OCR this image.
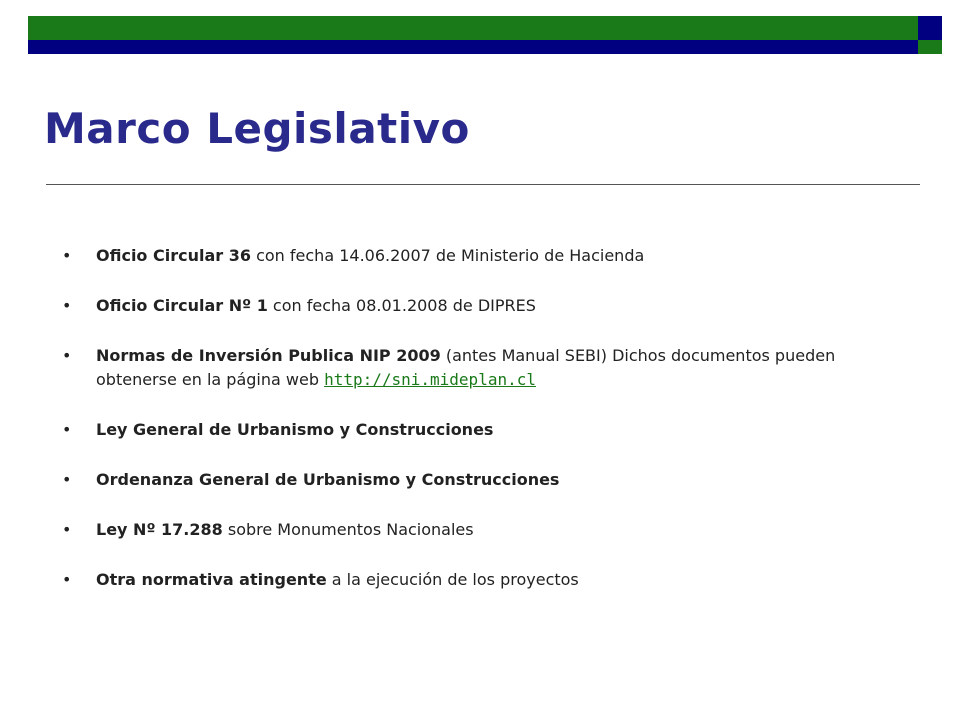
Marco Legislativo
• Oficio Circular 36 con fecha 14.06.2007 de Ministerio de Hacienda
• Oficio Circular Nº 1 con fecha 08.01.2008 de DIPRES
• Normas de Inversión Publica NIP 2009 (antes Manual SEBI) Dichos documentos pueden obtenerse en la página web http://sni.mideplan.cl
• Ley General de Urbanismo y Construcciones
• Ordenanza General de Urbanismo y Construcciones
• Ley Nº 17.288 sobre Monumentos Nacionales
• Otra normativa atingente a la ejecución de los proyectos
